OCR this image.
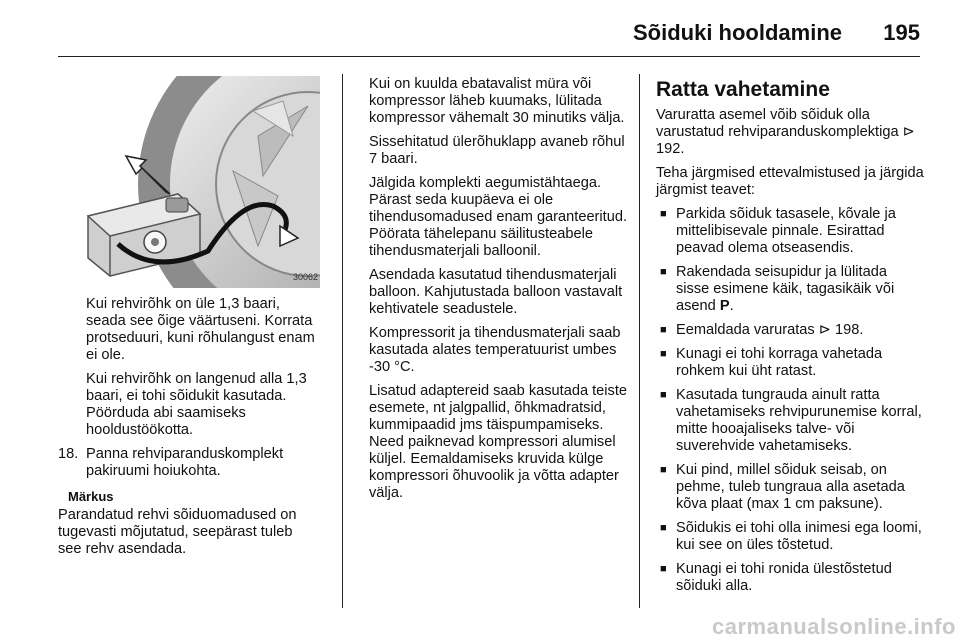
Sõiduki hooldamine 195
30062

Kui rehvirõhk on üle 1,3 baari, seada see õige väärtuseni. Korrata protseduuri, kuni rõhulangust enam ei ole.

Kui rehvirõhk on langenud alla 1,3 baari, ei tohi sõidukit kasutada. Pöörduda abi saamiseks hooldustöökotta.

18. Panna rehviparanduskomplekt pakiruumi hoiukohta.
Märkus

Parandatud rehvi sõiduomadused on tugevasti mõjutatud, seepärast tuleb see rehv asendada.

Kui on kuulda ebatavalist müra või kompressor läheb kuumaks, lülitada kompressor vähemalt 30 minutiks välja.

Sissehitatud ülerõhuklapp avaneb rõhul 7 baari.

Jälgida komplekti aegumistähtaega. Pärast seda kuupäeva ei ole tihendusomadused enam garanteeritud. Pöörata tähelepanu säilitusteabele tihendusmaterjali balloonil.

Asendada kasutatud tihendusmaterjali balloon. Kahjutustada balloon vastavalt kehtivatele seadustele.

Kompressorit ja tihendusmaterjali saab kasutada alates temperatuurist umbes -30 °C.

Lisatud adaptereid saab kasutada teiste esemete, nt jalgpallid, õhkmadratsid, kummipaadid jms täispumpamiseks. Need paiknevad kompressori alumisel küljel. Eemaldamiseks kruvida külge kompressori õhuvoolik ja võtta adapter välja.

Ratta vahetamine

Varuratta asemel võib sõiduk olla varustatud rehviparanduskomplektiga ⊳ 192.

Teha järgmised ettevalmistused ja järgida järgmist teavet:

■ Parkida sõiduk tasasele, kõvale ja mittelibisevale pinnale. Esirattad peavad olema otseasendis.
■ Rakendada seisupidur ja lülitada sisse esimene käik, tagasikäik või asend P.
■ Eemaldada varuratas ⊳ 198.
■ Kunagi ei tohi korraga vahetada rohkem kui üht ratast.
■ Kasutada tungrauda ainult ratta vahetamiseks rehvipurunemise korral, mitte hooajaliseks talve- või suverehvide vahetamiseks.
■ Kui pind, millel sõiduk seisab, on pehme, tuleb tungraua alla asetada kõva plaat (max 1 cm paksune).
■ Sõidukis ei tohi olla inimesi ega loomi, kui see on üles tõstetud.
■ Kunagi ei tohi ronida ülestõstetud sõiduki alla.
carmanualsonline.info
